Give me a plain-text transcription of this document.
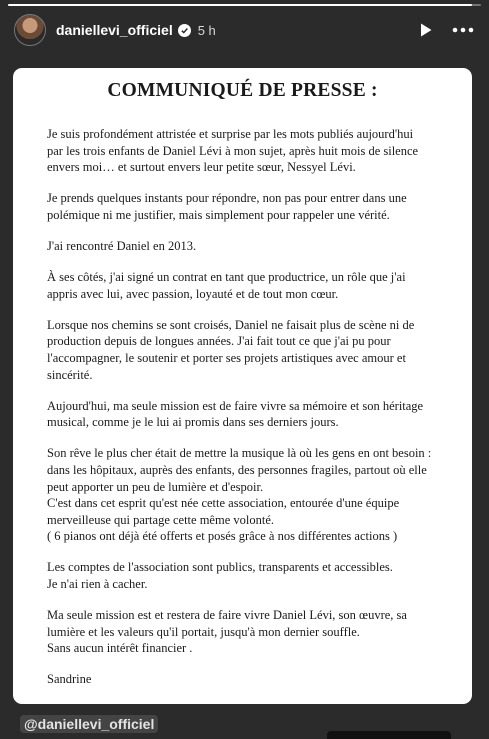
daniellevi_officiel 5 h
COMMUNIQUÉ DE PRESSE :
Je suis profondément attristée et surprise par les mots publiés aujourd'hui
par les trois enfants de Daniel Lévi à mon sujet, après huit mois de silence
envers moi… et surtout envers leur petite sœur, Nessyel Lévi.
Je prends quelques instants pour répondre, non pas pour entrer dans une
polémique ni me justifier, mais simplement pour rappeler une vérité.
J'ai rencontré Daniel en 2013.
À ses côtés, j'ai signé un contrat en tant que productrice, un rôle que j'ai
appris avec lui, avec passion, loyauté et de tout mon cœur.
Lorsque nos chemins se sont croisés, Daniel ne faisait plus de scène ni de
production depuis de longues années. J'ai fait tout ce que j'ai pu pour
l'accompagner, le soutenir et porter ses projets artistiques avec amour et
sincérité.
Aujourd'hui, ma seule mission est de faire vivre sa mémoire et son héritage
musical, comme je le lui ai promis dans ses derniers jours.
Son rêve le plus cher était de mettre la musique là où les gens en ont besoin :
dans les hôpitaux, auprès des enfants, des personnes fragiles, partout où elle
peut apporter un peu de lumière et d'espoir.
C'est dans cet esprit qu'est née cette association, entourée d'une équipe
merveilleuse qui partage cette même volonté.
( 6 pianos ont déjà été offerts et posés grâce à nos différentes actions )
Les comptes de l'association sont publics, transparents et accessibles.
Je n'ai rien à cacher.
Ma seule mission est et restera de faire vivre Daniel Lévi, son œuvre, sa
lumière et les valeurs qu'il portait, jusqu'à mon dernier souffle.
Sans aucun intérêt financier .
Sandrine
@daniellevi_officiel
